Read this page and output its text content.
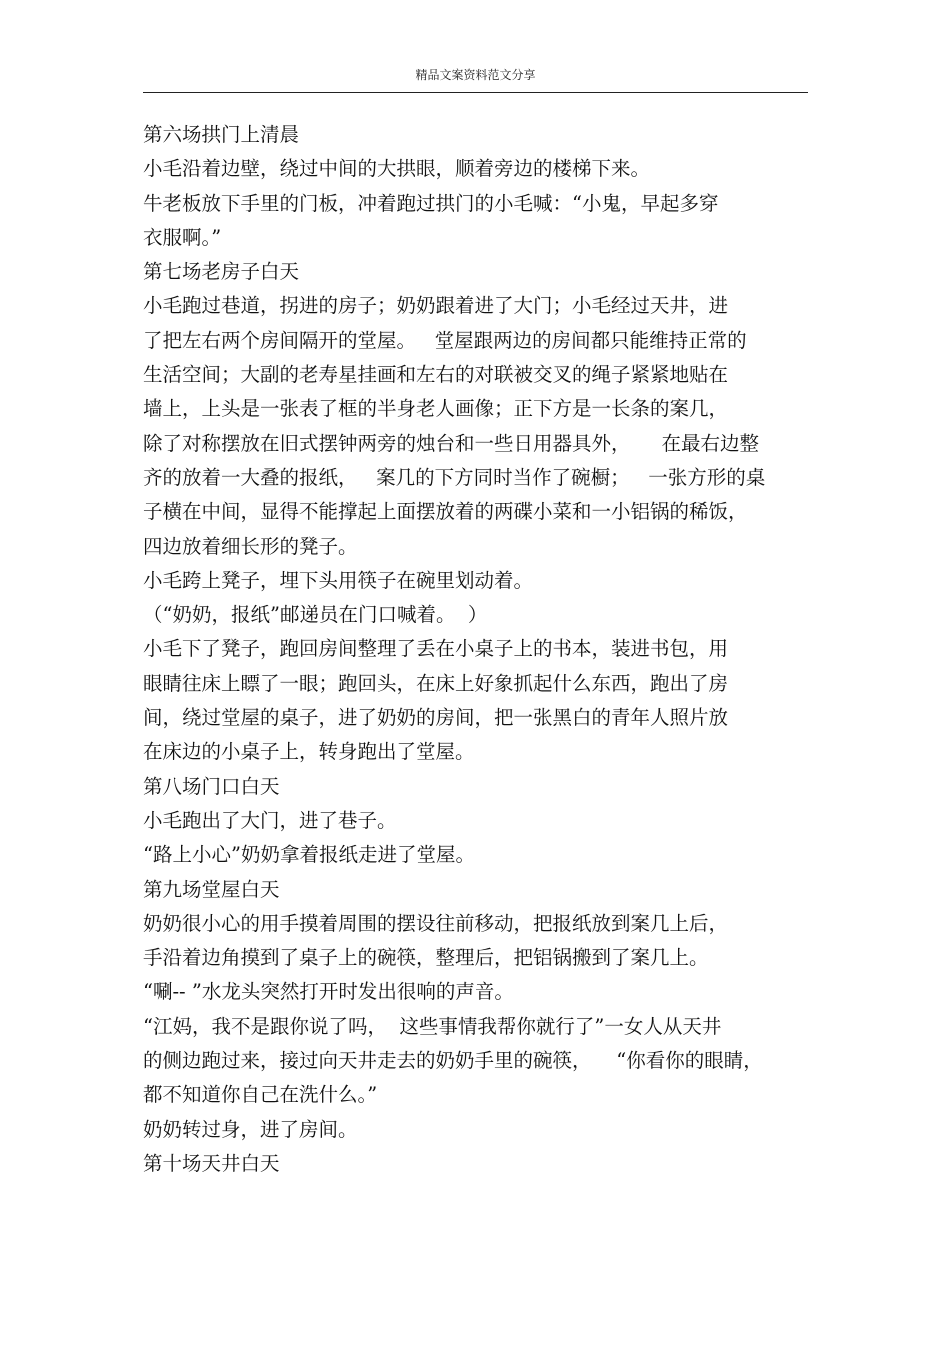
精品文案资料范文分享
第六场拱门上清晨
小毛沿着边壁，绕过中间的大拱眼，顺着旁边的楼梯下来。
牛老板放下手里的门板，冲着跑过拱门的小毛喊：“小鬼，早起多穿
衣服啊。”
第七场老房子白天
小毛跑过巷道，拐进的房子；奶奶跟着进了大门；小毛经过天井，进
了把左右两个房间隔开的堂屋。   堂屋跟两边的房间都只能维持正常的
生活空间；大副的老寿星挂画和左右的对联被交叉的绳子紧紧地贴在
墙上，上头是一张表了框的半身老人画像；正下方是一长条的案几，
除了对称摆放在旧式摆钟两旁的烛台和一些日用器具外，     在最右边整
齐的放着一大叠的报纸，   案几的下方同时当作了碗橱；   一张方形的桌
子横在中间，显得不能撑起上面摆放着的两碟小菜和一小铝锅的稀饭，
四边放着细长形的凳子。
小毛跨上凳子，埋下头用筷子在碗里划动着。
（“奶奶，报纸”邮递员在门口喊着。  ）
小毛下了凳子，跑回房间整理了丢在小桌子上的书本，装进书包，用
眼睛往床上瞟了一眼；跑回头，在床上好象抓起什么东西，跑出了房
间，绕过堂屋的桌子，进了奶奶的房间，把一张黑白的青年人照片放
在床边的小桌子上，转身跑出了堂屋。
第八场门口白天
小毛跑出了大门，进了巷子。
“路上小心”奶奶拿着报纸走进了堂屋。
第九场堂屋白天
奶奶很小心的用手摸着周围的摆设往前移动，把报纸放到案几上后，
手沿着边角摸到了桌子上的碗筷，整理后，把铝锅搬到了案几上。
“唰-- ”水龙头突然打开时发出很响的声音。
“江妈，我不是跟你说了吗，  这些事情我帮你就行了”一女人从天井
的侧边跑过来，接过向天井走去的奶奶手里的碗筷，    “你看你的眼睛，
都不知道你自己在洗什么。”
奶奶转过身，进了房间。
第十场天井白天
